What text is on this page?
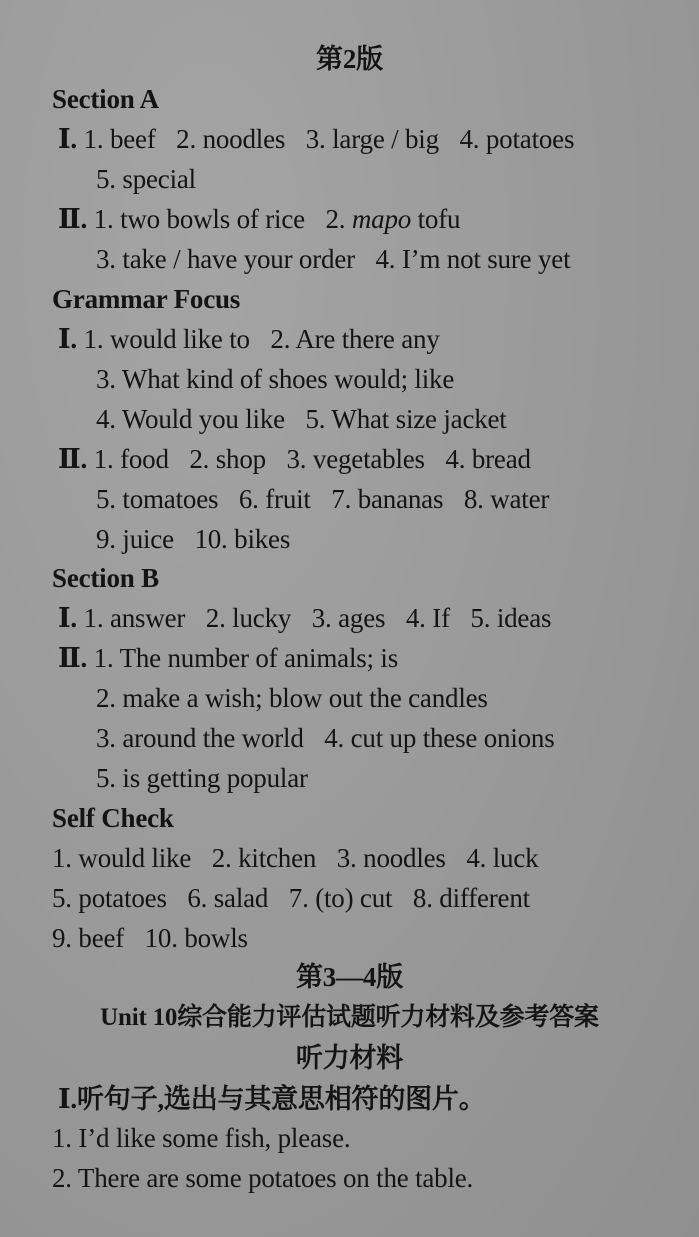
第2版
Section A
Ⅰ. 1. beef 2. noodles 3. large / big 4. potatoes
5. special
Ⅱ. 1. two bowls of rice 2. mapo tofu
3. take / have your order 4. I’m not sure yet
Grammar Focus
Ⅰ. 1. would like to 2. Are there any
3. What kind of shoes would; like
4. Would you like 5. What size jacket
Ⅱ. 1. food 2. shop 3. vegetables 4. bread
5. tomatoes 6. fruit 7. bananas 8. water
9. juice 10. bikes
Section B
Ⅰ. 1. answer 2. lucky 3. ages 4. If 5. ideas
Ⅱ. 1. The number of animals; is
2. make a wish; blow out the candles
3. around the world 4. cut up these onions
5. is getting popular
Self Check
1. would like 2. kitchen 3. noodles 4. luck
5. potatoes 6. salad 7. (to) cut 8. different
9. beef 10. bowls
第3—4版
Unit 10综合能力评估试题听力材料及参考答案
听力材料
Ⅰ.听句子,选出与其意思相符的图片。
1. I’d like some fish, please.
2. There are some potatoes on the table.
